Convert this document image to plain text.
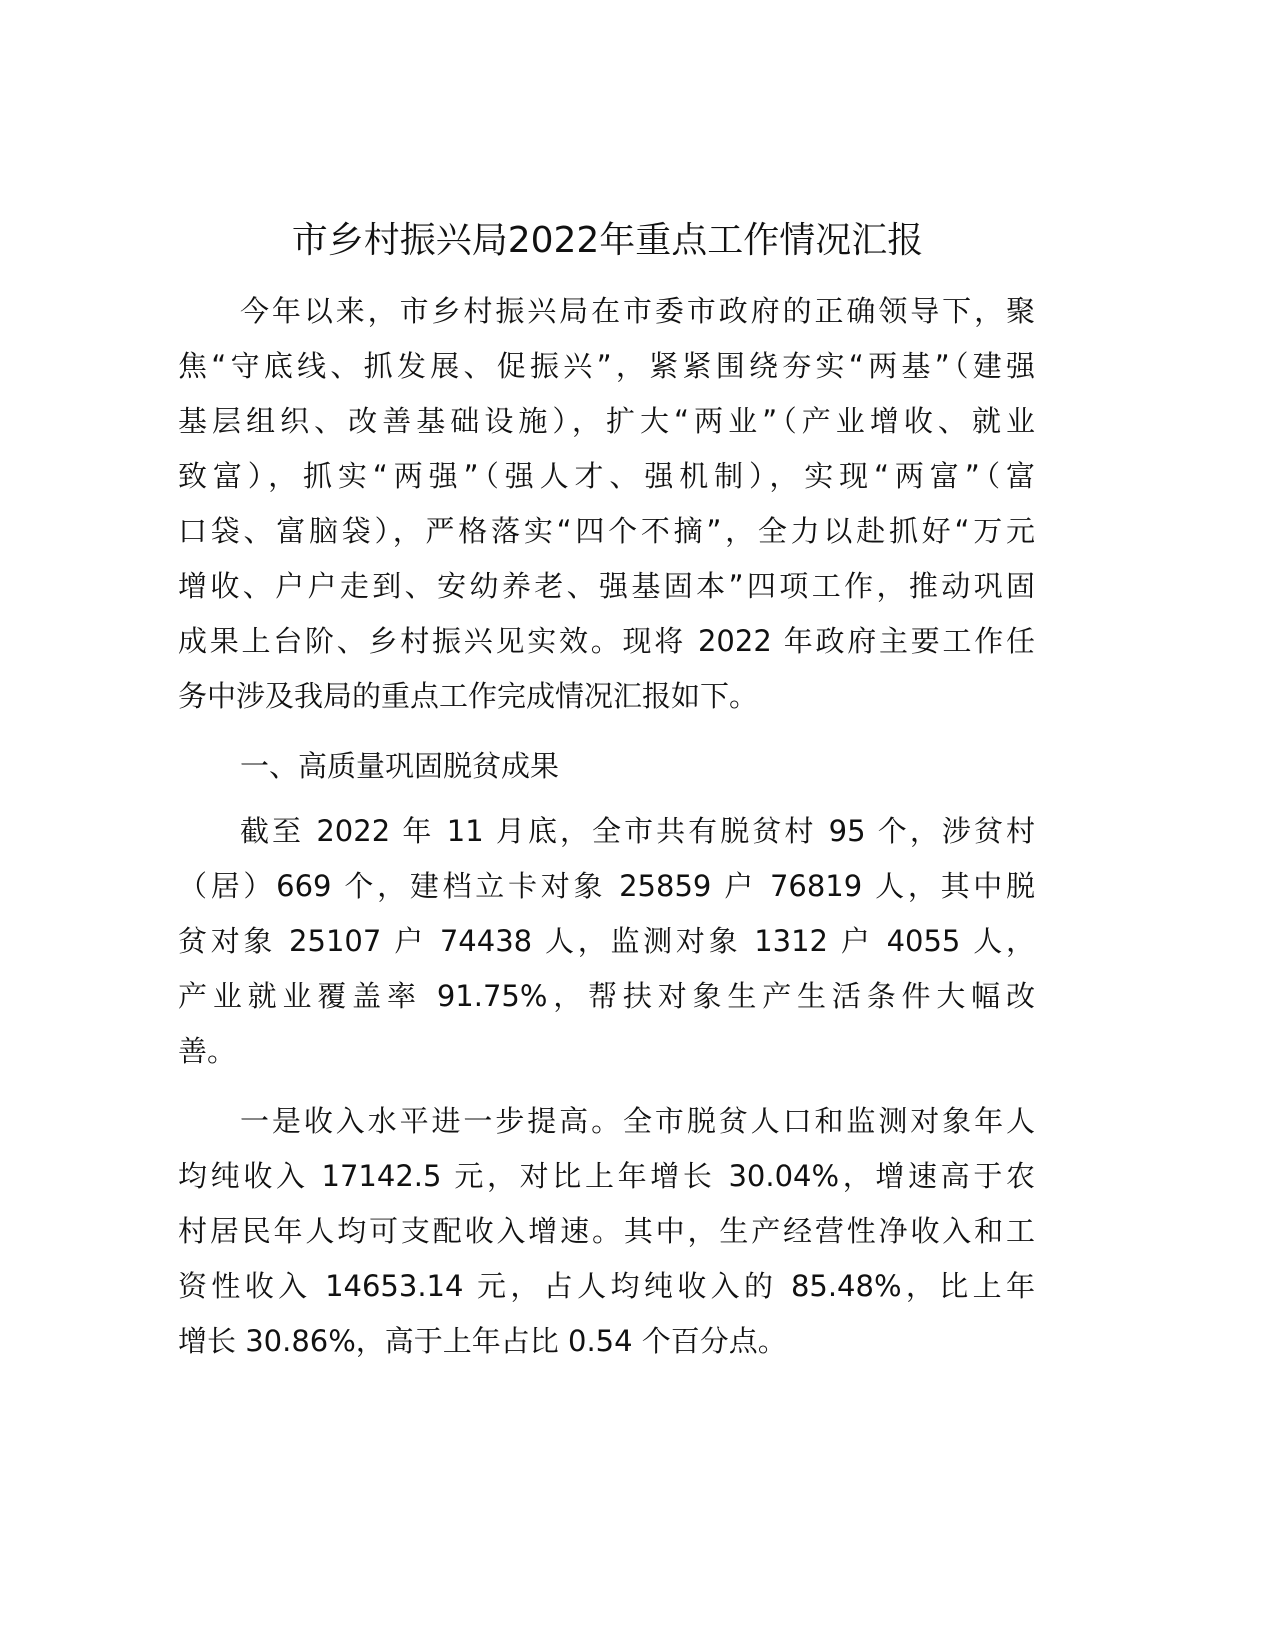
市乡村振兴局2022年重点工作情况汇报
今年以来，市乡村振兴局在市委市政府的正确领导下，聚
焦“守底线、抓发展、促振兴”，紧紧围绕夯实“两基”（建强
基层组织、改善基础设施），扩大“两业”（产业增收、就业
致富），抓实“两强”（强人才、强机制），实现“两富”（富
口袋、富脑袋），严格落实“四个不摘”，全力以赴抓好“万元
增收、户户走到、安幼养老、强基固本”四项工作，推动巩固
成果上台阶、乡村振兴见实效。现将 2022 年政府主要工作任
务中涉及我局的重点工作完成情况汇报如下。
一、高质量巩固脱贫成果
截至 2022 年 11 月底，全市共有脱贫村 95 个，涉贫村
（居）669 个，建档立卡对象 25859 户 76819 人，其中脱
贫对象 25107 户 74438 人，监测对象 1312 户 4055 人，
产业就业覆盖率 91.75%，帮扶对象生产生活条件大幅改
善。
一是收入水平进一步提高。全市脱贫人口和监测对象年人
均纯收入 17142.5 元，对比上年增长 30.04%，增速高于农
村居民年人均可支配收入增速。其中，生产经营性净收入和工
资性收入 14653.14 元，占人均纯收入的 85.48%，比上年
增长 30.86%，高于上年占比 0.54 个百分点。
